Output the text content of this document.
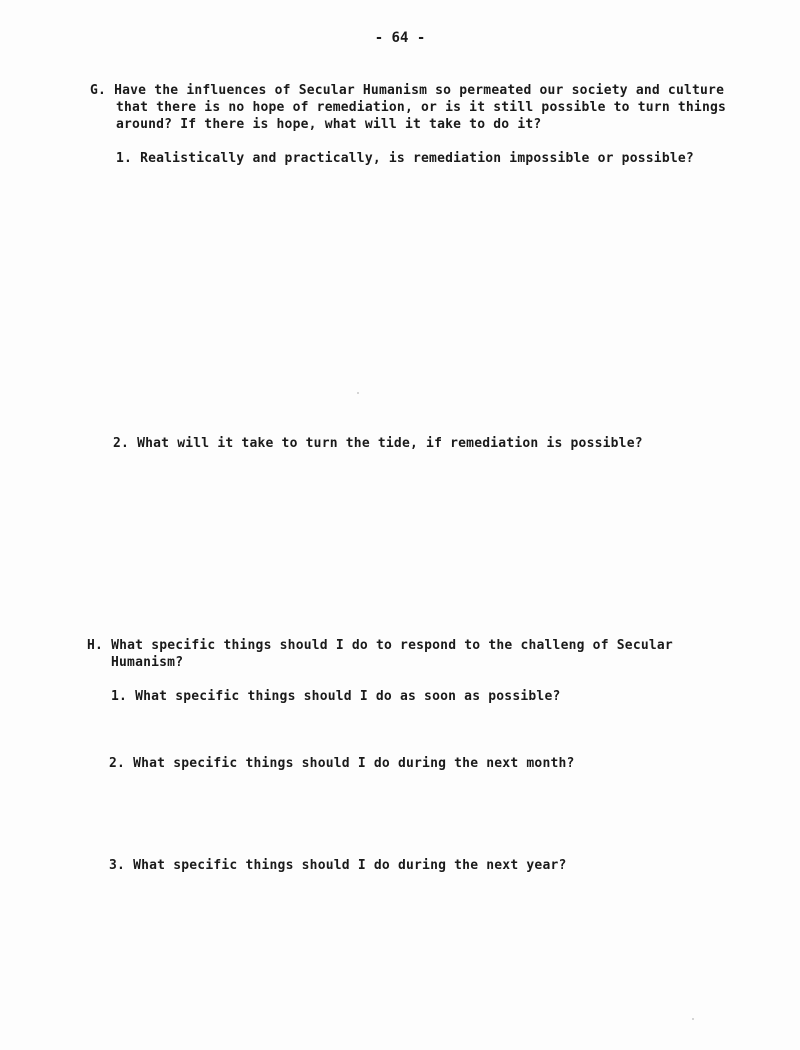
- 64 -
G. Have the influences of Secular Humanism so permeated our society and culture
that there is no hope of remediation, or is it still possible to turn things
around? If there is hope, what will it take to do it?
1. Realistically and practically, is remediation impossible or possible?
2. What will it take to turn the tide, if remediation is possible?
H. What specific things should I do to respond to the challeng of Secular
Humanism?
1. What specific things should I do as soon as possible?
2. What specific things should I do during the next month?
3. What specific things should I do during the next year?
